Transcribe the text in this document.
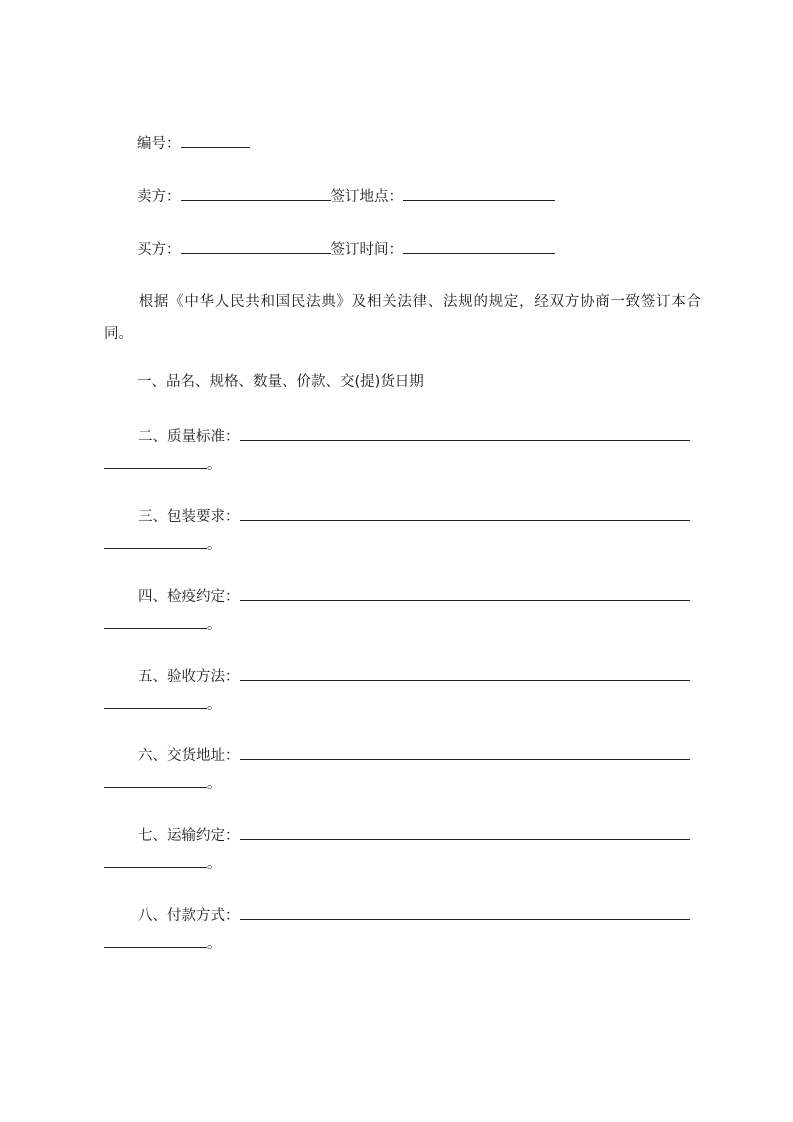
编号：
卖方：	签订地点：
买方：	签订时间：
根据《中华人民共和国民法典》及相关法律、法规的规定，经双方协商一致签订本合同。
一、品名、规格、数量、价款、交(提)货日期
二、质量标准：
。
三、包装要求：
。
四、检疫约定：
。
五、验收方法：
。
六、交货地址：
。
七、运输约定：
。
八、付款方式：
。
